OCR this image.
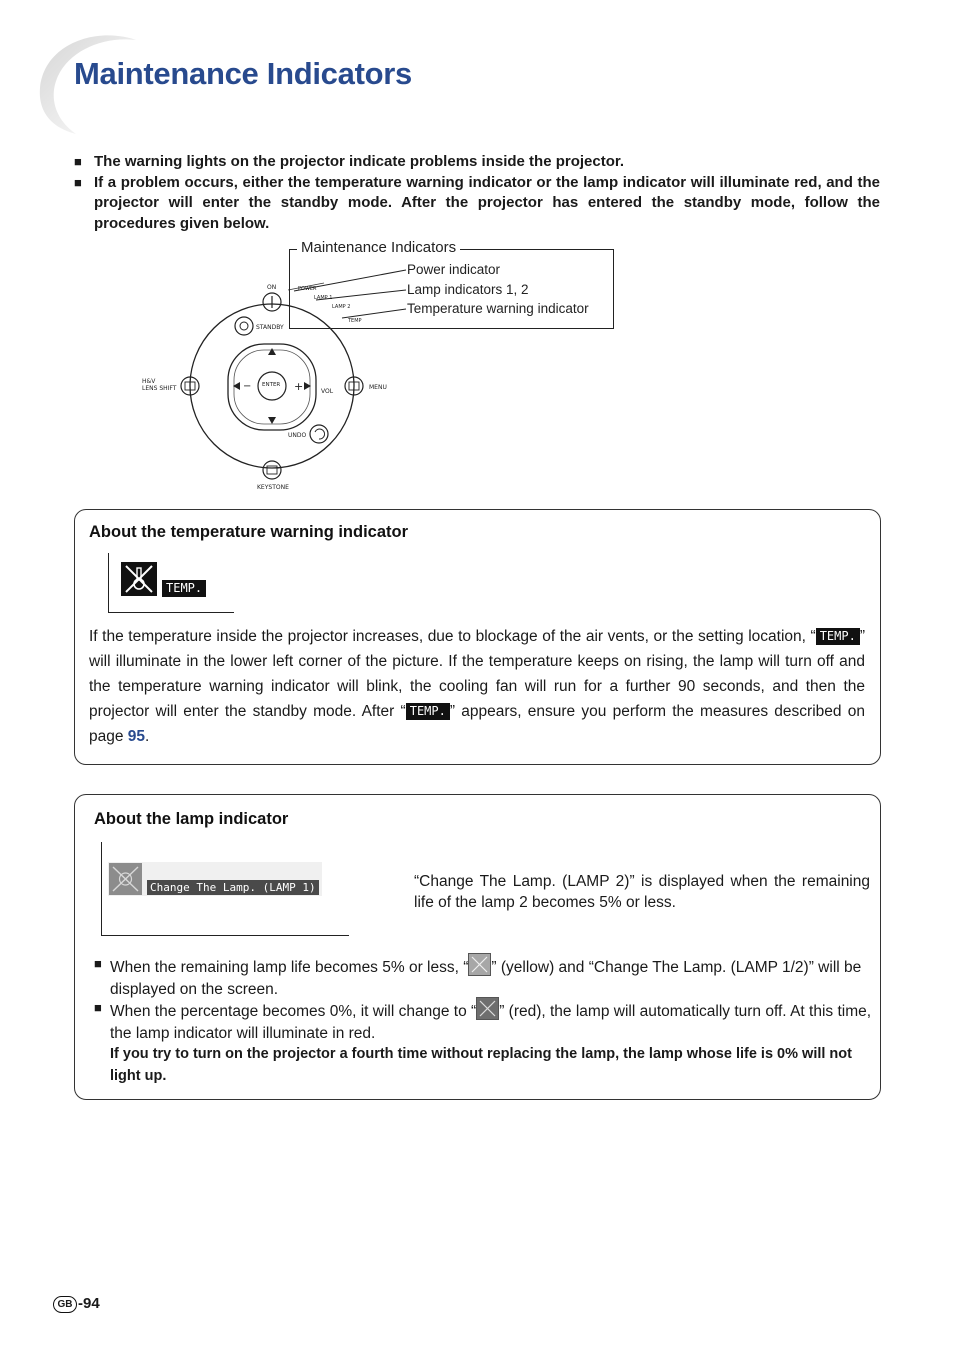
Maintenance Indicators
■ The warning lights on the projector indicate problems inside the projector.
■ If a problem occurs, either the temperature warning indicator or the lamp indicator will illuminate red, and the projector will enter the standby mode. After the projector has entered the standby mode, follow the procedures given below.
−	+
POWER
LAMP 1
LAMP 2
TEMP
ON
STANDBY
H&V
LENS SHIFT	MENU
VOL
UNDO
KEYSTONE
ENTER
Maintenance Indicators
Power indicator
Lamp indicators 1, 2
Temperature warning indicator
About the temperature warning indicator
TEMP.
If the temperature inside the projector increases, due to blockage of the air vents, or the setting location, “ TEMP. ” will illuminate in the lower left corner of the picture. If the temperature keeps on rising, the lamp will turn off and the temperature warning indicator will blink, the cooling fan will run for a further 90 seconds, and then the projector will enter the standby mode. After “ TEMP. ” appears, ensure you perform the measures described on page 95.
About the lamp indicator
Change The Lamp. (LAMP 1)	“Change The Lamp. (LAMP 2)” is displayed when the remaining life of the lamp 2 becomes 5% or less.
■ When the remaining lamp life becomes 5% or less, “ ” (yellow) and “Change The Lamp. (LAMP 1/2)” will be displayed on the screen.
■ When the percentage becomes 0%, it will change to “ ” (red), the lamp will automatically turn off. At this time, the lamp indicator will illuminate in red.
If you try to turn on the projector a fourth time without replacing the lamp, the lamp whose life is 0% will not light up.
GB -94
